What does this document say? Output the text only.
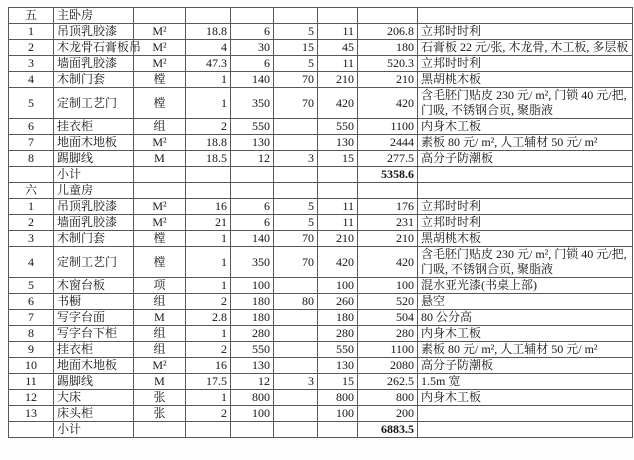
五	主卧房							
1	吊顶乳胶漆	M²	18.8	6	5	11	206.8	立邦时时利
2	木龙骨石膏板吊	M²	4	30	15	45	180	石膏板 22 元/张, 木龙骨, 木工板, 多层板
3	墙面乳胶漆	M²	47.3	6	5	11	520.3	立邦时时利
4	木制门套	樘	1	140	70	210	210	黑胡桃木板
5	定制工艺门	樘	1	350	70	420	420	含毛胚门贴皮 230 元/ m², 门锁 40 元/把, 门吸, 不锈钢合页, 聚脂液
6	挂衣柜	组	2	550		550	1100	内身木工板
7	地面木地板	M²	18.8	130		130	2444	素板 80 元/ m², 人工辅材 50 元/ m²
8	踢脚线	M	18.5	12	3	15	277.5	高分子防潮板
	小计						5358.6	
六	儿童房							
1	吊顶乳胶漆	M²	16	6	5	11	176	立邦时时利
2	墙面乳胶漆	M²	21	6	5	11	231	立邦时时利
3	木制门套	樘	1	140	70	210	210	黑胡桃木板
4	定制工艺门	樘	1	350	70	420	420	含毛胚门贴皮 230 元/ m², 门锁 40 元/把, 门吸, 不锈钢合页, 聚脂液
5	木窗台板	项	1	100		100	100	混水亚光漆(书桌上部)
6	书橱	组	2	180	80	260	520	悬空
7	写字台面	M	2.8	180		180	504	80 公分高
8	写字台下柜	组	1	280		280	280	内身木工板
9	挂衣柜	组	2	550		550	1100	素板 80 元/ m², 人工辅材 50 元/ m²
10	地面木地板	M²	16	130		130	2080	高分子防潮板
11	踢脚线	M	17.5	12	3	15	262.5	1.5m 宽
12	大床	张	1	800		800	800	内身木工板
13	床头柜	张	2	100		100	200	
	小计						6883.5	
